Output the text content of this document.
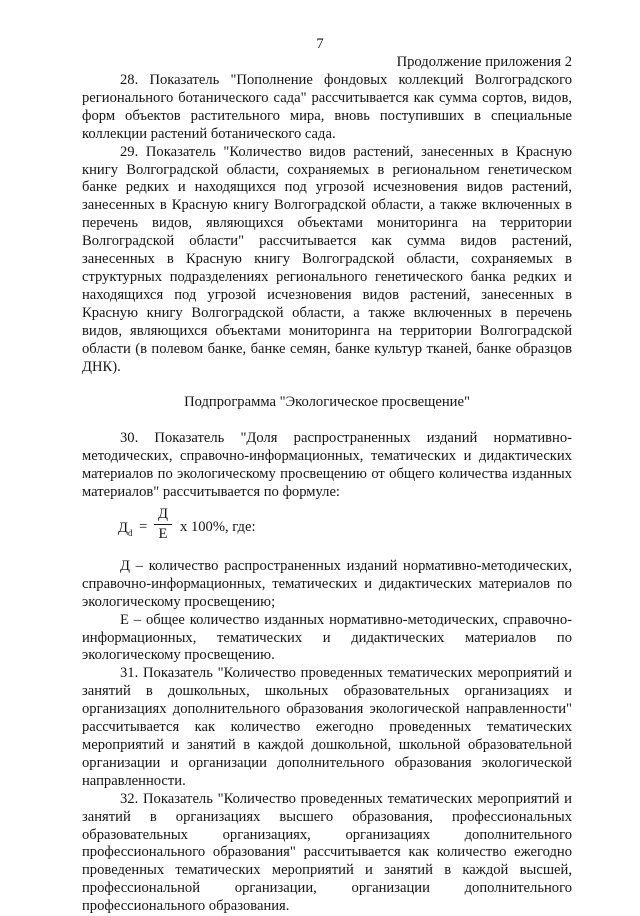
7
Продолжение приложения 2

28. Показатель "Пополнение фондовых коллекций Волгоградского регионального ботанического сада" рассчитывается как сумма сортов, видов, форм объектов растительного мира, вновь поступивших в специальные коллекции растений ботанического сада.

29. Показатель "Количество видов растений, занесенных в Красную книгу Волгоградской области, сохраняемых в региональном генетическом банке редких и находящихся под угрозой исчезновения видов растений, занесенных в Красную книгу Волгоградской области, а также включенных в перечень видов, являющихся объектами мониторинга на территории Волгоградской области" рассчитывается как сумма видов растений, занесенных в Красную книгу Волгоградской области, сохраняемых в структурных подразделениях регионального генетического банка редких и находящихся под угрозой исчезновения видов растений, занесенных в Красную книгу Волгоградской области, а также включенных в перечень видов, являющихся объектами мониторинга на территории Волгоградской области (в полевом банке, банке семян, банке культур тканей, банке образцов ДНК).

Подпрограмма "Экологическое просвещение"

30. Показатель "Доля распространенных изданий нормативно-методических, справочно-информационных, тематических и дидактических материалов по экологическому просвещению от общего количества изданных материалов" рассчитывается по формуле:

$Д_d$ =
Д
Е x 100%, где:

Д – количество распространенных изданий нормативно-методических, справочно-информационных, тематических и дидактических материалов по экологическому просвещению;

Е – общее количество изданных нормативно-методических, справочно-информационных, тематических и дидактических материалов по экологическому просвещению.

31. Показатель "Количество проведенных тематических мероприятий и занятий в дошкольных, школьных образовательных организациях и организациях дополнительного образования экологической направленности" рассчитывается как количество ежегодно проведенных тематических мероприятий и занятий в каждой дошкольной, школьной образовательной организации и организации дополнительного образования экологической направленности.

32. Показатель "Количество проведенных тематических мероприятий и занятий в организациях высшего образования, профессиональных образовательных организациях, организациях дополнительного профессионального образования" рассчитывается как количество ежегодно проведенных тематических мероприятий и занятий в каждой высшей, профессиональной организации, организации дополнительного профессионального образования.
